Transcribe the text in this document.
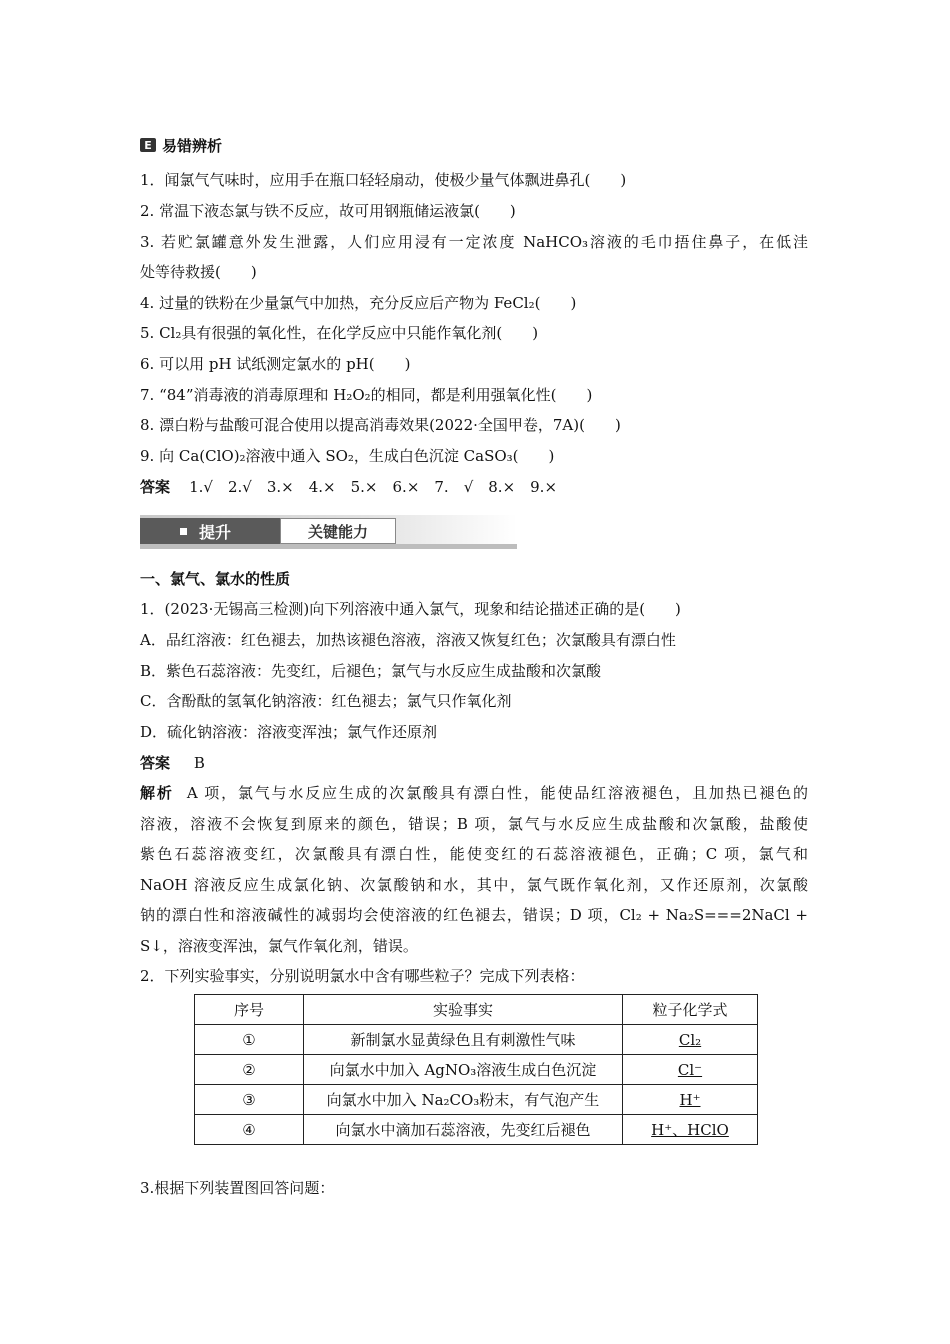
E 易错辨析
1．闻氯气气味时，应用手在瓶口轻轻扇动，使极少量气体飘进鼻孔(　　)
2. 常温下液态氯与铁不反应，故可用钢瓶储运液氯(　　)
3. 若贮氯罐意外发生泄露，人们应用浸有一定浓度 NaHCO₃溶液的毛巾捂住鼻子，在低洼
处等待救援(　　)
4. 过量的铁粉在少量氯气中加热，充分反应后产物为 FeCl₂(　　)
5. Cl₂具有很强的氧化性，在化学反应中只能作氧化剂(　　)
6. 可以用 pH 试纸测定氯水的 pH(　　)
7. “84”消毒液的消毒原理和 H₂O₂的相同，都是利用强氧化性(　　)
8. 漂白粉与盐酸可混合使用以提高消毒效果(2022·全国甲卷，7A)(　　)
9. 向 Ca(ClO)₂溶液中通入 SO₂，生成白色沉淀 CaSO₃(　　)
答案 1.√　2.√　3.×　4.×　5.×　6.×　7.　√　8.×　9.×
提升	关键能力
一、氯气、氯水的性质
1．(2023·无锡高三检测)向下列溶液中通入氯气，现象和结论描述正确的是(　　)
A．品红溶液：红色褪去，加热该褪色溶液，溶液又恢复红色；次氯酸具有漂白性
B．紫色石蕊溶液：先变红，后褪色；氯气与水反应生成盐酸和次氯酸
C．含酚酞的氢氧化钠溶液：红色褪去；氯气只作氧化剂
D．硫化钠溶液：溶液变浑浊；氯气作还原剂
答案 B
解析 A 项，氯气与水反应生成的次氯酸具有漂白性，能使品红溶液褪色，且加热已褪色的
溶液，溶液不会恢复到原来的颜色，错误；B 项，氯气与水反应生成盐酸和次氯酸，盐酸使
紫色石蕊溶液变红，次氯酸具有漂白性，能使变红的石蕊溶液褪色，正确；C 项，氯气和
NaOH 溶液反应生成氯化钠、次氯酸钠和水，其中，氯气既作氧化剂，又作还原剂，次氯酸
钠的漂白性和溶液碱性的减弱均会使溶液的红色褪去，错误；D 项，Cl₂ + Na₂S===2NaCl +
S↓，溶液变浑浊，氯气作氧化剂，错误。
2．下列实验事实，分别说明氯水中含有哪些粒子？完成下列表格：
序号	实验事实	粒子化学式
①	新制氯水显黄绿色且有刺激性气味	Cl₂
②	向氯水中加入 AgNO₃溶液生成白色沉淀	Cl⁻
③	向氯水中加入 Na₂CO₃粉末，有气泡产生	H⁺
④	向氯水中滴加石蕊溶液，先变红后褪色	H⁺、HClO
3.根据下列装置图回答问题：
